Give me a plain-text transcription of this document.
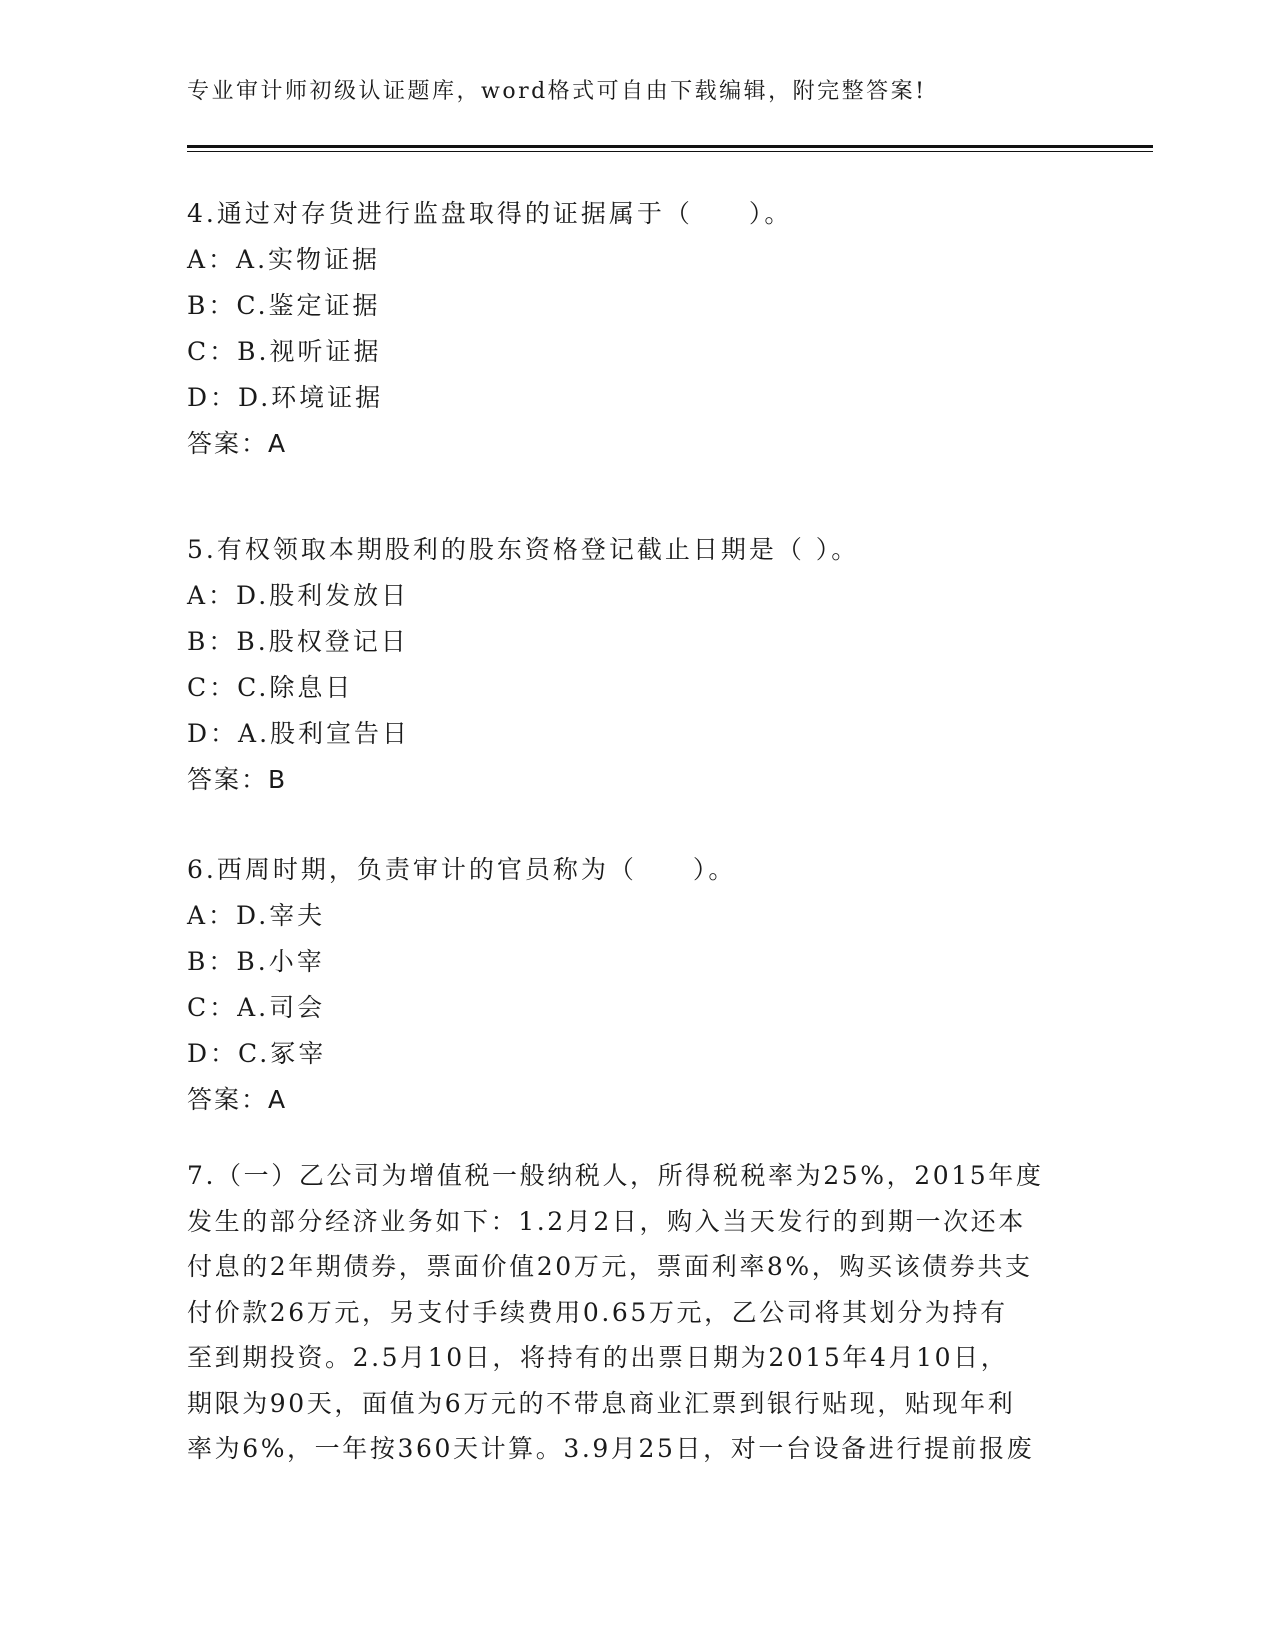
专业审计师初级认证题库，word格式可自由下载编辑，附完整答案!
4.通过对存货进行监盘取得的证据属于（　　）。
A：A.实物证据
B：C.鉴定证据
C：B.视听证据
D：D.环境证据
答案：A
5.有权领取本期股利的股东资格登记截止日期是（ ）。
A：D.股利发放日
B：B.股权登记日
C：C.除息日
D：A.股利宣告日
答案：B
6.西周时期，负责审计的官员称为（　　）。
A：D.宰夫
B：B.小宰
C：A.司会
D：C.冢宰
答案：A
7.（一）乙公司为增值税一般纳税人，所得税税率为25%，2015年度
发生的部分经济业务如下：1.2月2日，购入当天发行的到期一次还本
付息的2年期债券，票面价值20万元，票面利率8%，购买该债券共支
付价款26万元，另支付手续费用0.65万元，乙公司将其划分为持有
至到期投资。2.5月10日，将持有的出票日期为2015年4月10日，
期限为90天，面值为6万元的不带息商业汇票到银行贴现，贴现年利
率为6%，一年按360天计算。3.9月25日，对一台设备进行提前报废
